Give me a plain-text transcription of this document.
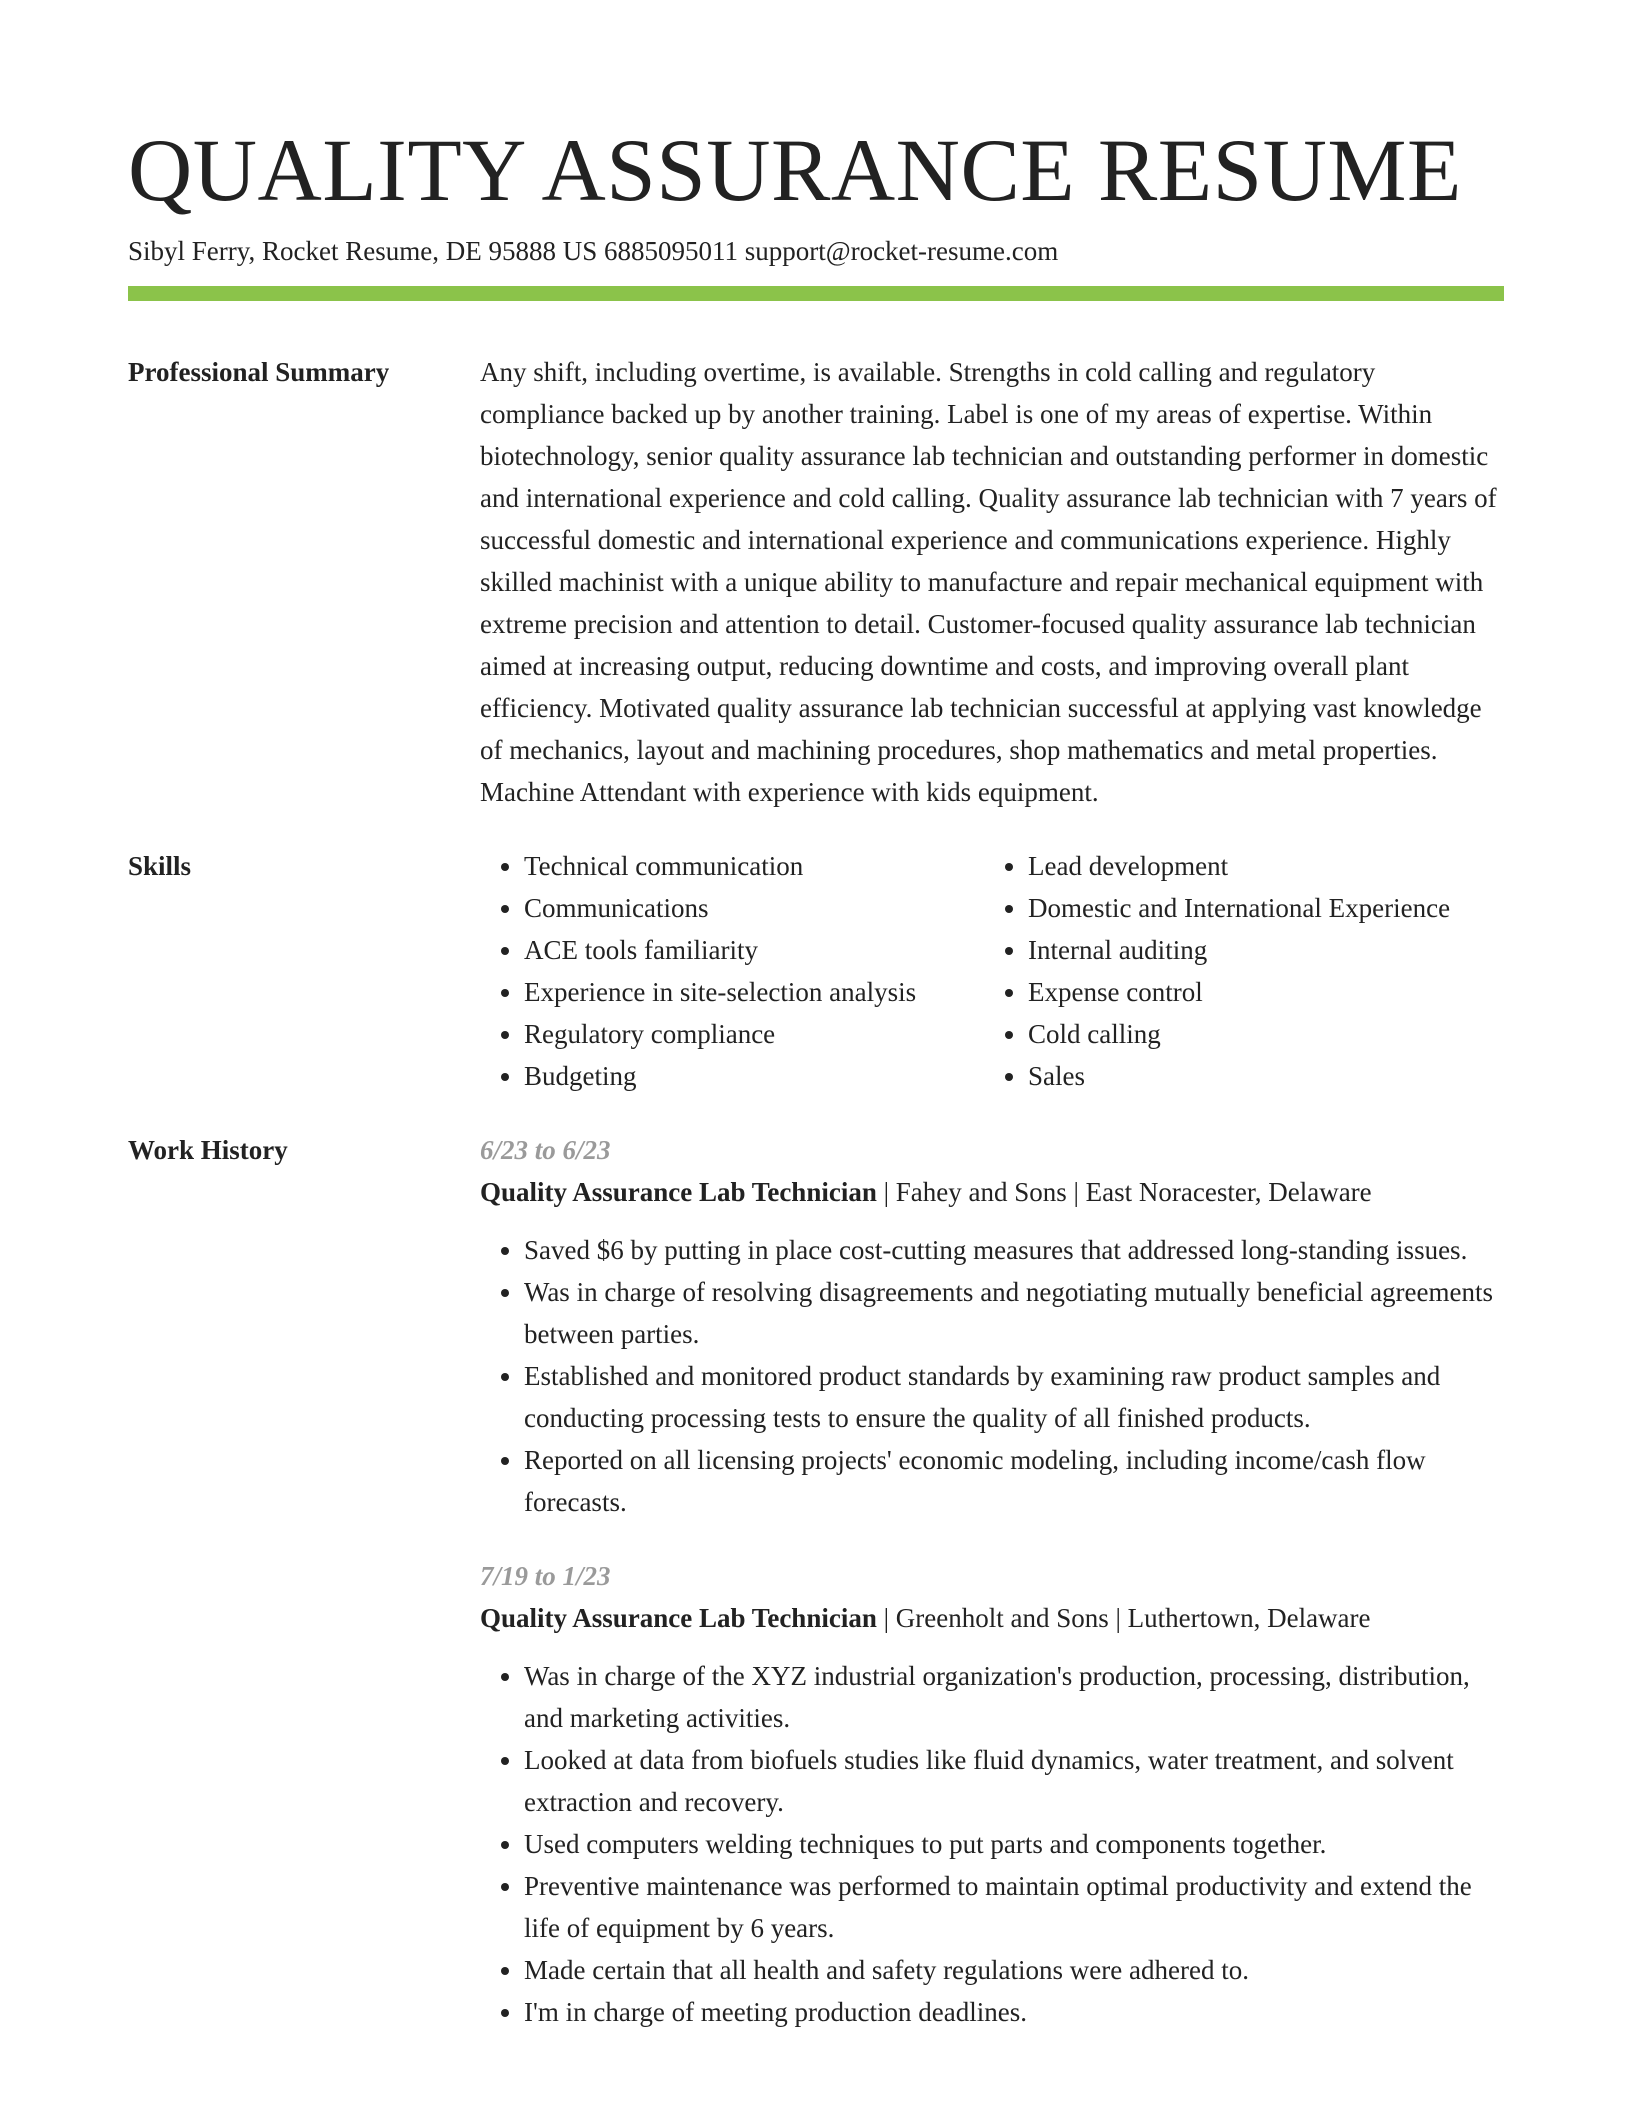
QUALITY ASSURANCE RESUME
Sibyl Ferry, Rocket Resume, DE 95888 US 6885095011 support@rocket-resume.com
Professional Summary	Any shift, including overtime, is available. Strengths in cold calling and regulatory compliance backed up by another training. Label is one of my areas of expertise. Within biotechnology, senior quality assurance lab technician and outstanding performer in domestic and international experience and cold calling. Quality assurance lab technician with 7 years of successful domestic and international experience and communications experience. Highly skilled machinist with a unique ability to manufacture and repair mechanical equipment with extreme precision and attention to detail. Customer-focused quality assurance lab technician aimed at increasing output, reducing downtime and costs, and improving overall plant efficiency. Motivated quality assurance lab technician successful at applying vast knowledge of mechanics, layout and machining procedures, shop mathematics and metal properties. Machine Attendant with experience with kids equipment.
Skills
•	Technical communication
• Communications
• ACE tools familiarity
• Experience in site-selection analysis
• Regulatory compliance
• Budgeting
• Lead development
• Domestic and International Experience
• Internal auditing
• Expense control
• Cold calling
• Sales
Work History	6/23 to 6/23
Quality Assurance Lab Technician | Fahey and Sons | East Noracester, Delaware
• Saved $6 by putting in place cost-cutting measures that addressed long-standing issues.
• Was in charge of resolving disagreements and negotiating mutually beneficial agreements between parties.
• Established and monitored product standards by examining raw product samples and conducting processing tests to ensure the quality of all finished products.
• Reported on all licensing projects' economic modeling, including income/cash flow forecasts.
7/19 to 1/23
Quality Assurance Lab Technician | Greenholt and Sons | Luthertown, Delaware
• Was in charge of the XYZ industrial organization's production, processing, distribution, and marketing activities.
• Looked at data from biofuels studies like fluid dynamics, water treatment, and solvent extraction and recovery.
• Used computers welding techniques to put parts and components together.
• Preventive maintenance was performed to maintain optimal productivity and extend the life of equipment by 6 years.
• Made certain that all health and safety regulations were adhered to.
• I'm in charge of meeting production deadlines.
